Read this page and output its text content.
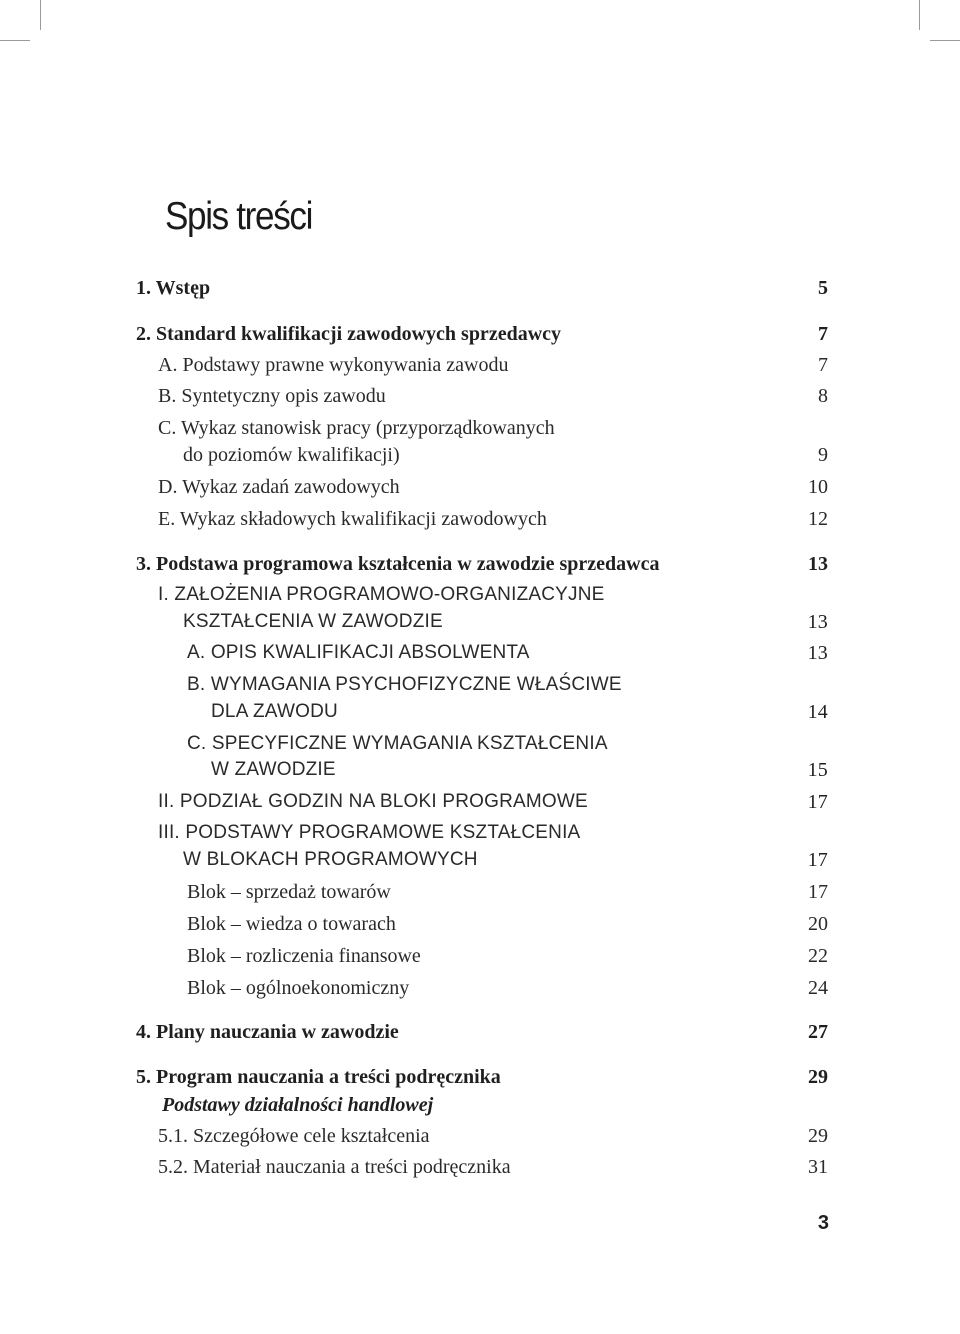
Spis treści
1. Wstęp	5
2. Standard kwalifikacji zawodowych sprzedawcy	7
A. Podstawy prawne wykonywania zawodu	7
B. Syntetyczny opis zawodu	8
C. Wykaz stanowisk pracy (przyporządkowanych
do poziomów kwalifikacji)	9
D. Wykaz zadań zawodowych	10
E. Wykaz składowych kwalifikacji zawodowych	12
3. Podstawa programowa kształcenia w zawodzie sprzedawca	13
I. ZAŁOŻENIA PROGRAMOWO-ORGANIZACYJNE
KSZTAŁCENIA W ZAWODZIE	13
A. OPIS KWALIFIKACJI ABSOLWENTA	13
B. WYMAGANIA PSYCHOFIZYCZNE WŁAŚCIWE
DLA ZAWODU	14
C. SPECYFICZNE WYMAGANIA KSZTAŁCENIA
W ZAWODZIE	15
II. PODZIAŁ GODZIN NA BLOKI PROGRAMOWE	17
III. PODSTAWY PROGRAMOWE KSZTAŁCENIA
W BLOKACH PROGRAMOWYCH	17
Blok – sprzedaż towarów	17
Blok – wiedza o towarach	20
Blok – rozliczenia finansowe	22
Blok – ogólnoekonomiczny	24
4. Plany nauczania w zawodzie	27
5. Program nauczania a treści podręcznika	29
Podstawy działalności handlowej
5.1. Szczegółowe cele kształcenia	29
5.2. Materiał nauczania a treści podręcznika	31
3
